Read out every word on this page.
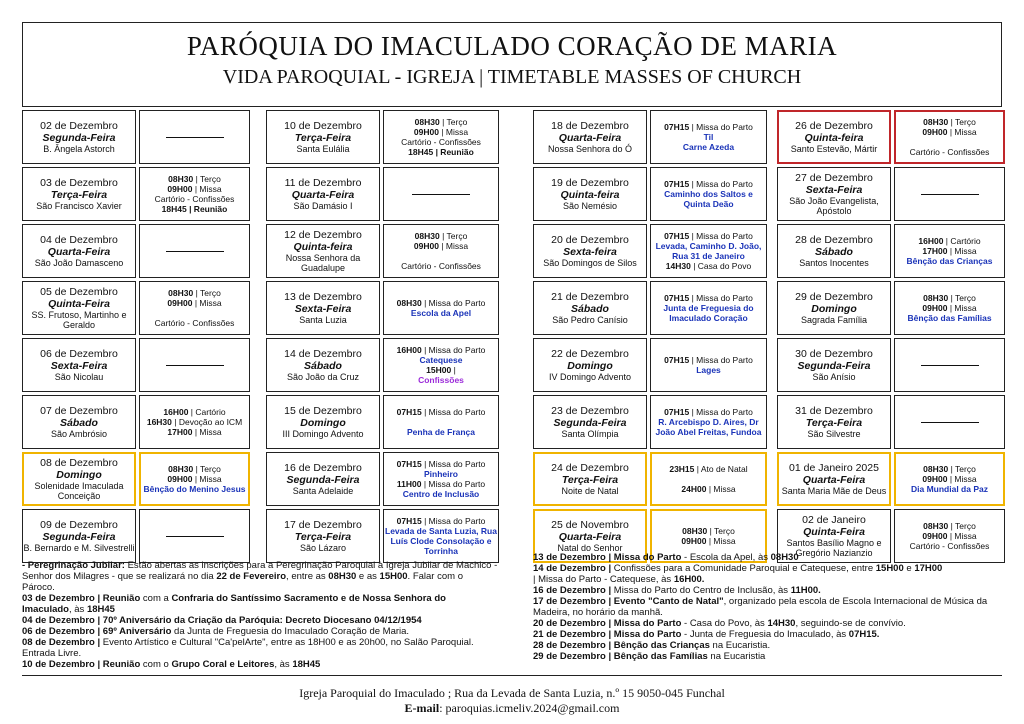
PARÓQUIA DO IMACULADO CORAÇÃO DE MARIA
VIDA PAROQUIAL - IGREJA | TIMETABLE MASSES OF CHURCH
02 de Dezembro
Segunda-Feira
B. Ângela Astorch
03 de Dezembro
Terça-Feira
São Francisco Xavier
08H30 | Terço
09H00 | Missa
Cartório - Confissões
18H45 | Reunião
04 de Dezembro
Quarta-Feira
São João Damasceno
05 de Dezembro
Quinta-Feira
SS. Frutoso, Martinho e Geraldo
08H30 | Terço
09H00 | Missa

Cartório - Confissões
06 de Dezembro
Sexta-Feira
São Nicolau
07 de Dezembro
Sábado
São Ambrósio
16H00 | Cartório
16H30 | Devoção ao ICM
17H00 | Missa
08 de Dezembro
Domingo
Solenidade Imaculada Conceição
08H30 | Terço
09H00 | Missa
Bênção do Menino Jesus
09 de Dezembro
Segunda-Feira
B. Bernardo e M. Silvestrelli
10 de Dezembro
Terça-Feira
Santa Eulália
08H30 | Terço
09H00 | Missa
Cartório - Confissões
18H45 | Reunião
11 de Dezembro
Quarta-Feira
São Damásio I
12 de Dezembro
Quinta-feira
Nossa Senhora da Guadalupe
08H30 | Terço
09H00 | Missa

Cartório - Confissões
13 de Dezembro
Sexta-Feira
Santa Luzia
08H30 | Missa do Parto
Escola da Apel
14 de Dezembro
Sábado
São João da Cruz
16H00 | Missa do Parto
Catequese
15H00 |
Confissões
15 de Dezembro
Domingo
III Domingo Advento
07H15 | Missa do Parto

Penha de França
16 de Dezembro
Segunda-Feira
Santa Adelaide
07H15 | Missa do Parto
Pinheiro
11H00 | Missa do Parto
Centro de Inclusão
17 de Dezembro
Terça-Feira
São Lázaro
07H15 | Missa do Parto
Levada de Santa Luzia, Rua Luís Clode Consolação e Torrinha
18 de Dezembro
Quarta-Feira
Nossa Senhora do Ó
07H15 | Missa do Parto
Til
Carne Azeda
19 de Dezembro
Quinta-feira
São Nemésio
07H15 | Missa do Parto
Caminho dos Saltos e Quinta Deão
20 de Dezembro
Sexta-feira
São Domingos de Silos
07H15 | Missa do Parto
Levada, Caminho D. João, Rua 31 de Janeiro
14H30 | Casa do Povo
21 de Dezembro
Sábado
São Pedro Canísio
07H15 | Missa do Parto
Junta de Freguesia do Imaculado Coração
22 de Dezembro
Domingo
IV Domingo Advento
07H15 | Missa do Parto
Lages
23 de Dezembro
Segunda-Feira
Santa Olímpia
07H15 | Missa do Parto
R. Arcebispo D. Aires, Dr João Abel Freitas, Fundoa
24 de Dezembro
Terça-Feira
Noite de Natal
23H15 | Ato de Natal

24H00 | Missa
25 de Novembro
Quarta-Feira
Natal do Senhor
08H30 | Terço
09H00 | Missa
26 de Dezembro
Quinta-feira
Santo Estevão, Mártir
08H30 | Terço
09H00 | Missa

Cartório - Confissões
27 de Dezembro
Sexta-Feira
São João Evangelista, Apóstolo
28 de Dezembro
Sábado
Santos Inocentes
16H00 | Cartório
17H00 | Missa
Bênção das Crianças
29 de Dezembro
Domingo
Sagrada Família
08H30 | Terço
09H00 | Missa
Bênção das Famílias
30 de Dezembro
Segunda-Feira
São Anísio
31 de Dezembro
Terça-Feira
São Silvestre
01 de Janeiro 2025
Quarta-Feira
Santa Maria Mãe de Deus
08H30 | Terço
09H00 | Missa
Dia Mundial da Paz
02 de Janeiro
Quinta-Feira
Santos Basílio Magno e Gregório Nazianzio
08H30 | Terço
09H00 | Missa
Cartório - Confissões

- Peregrinação Jubilar: Estão abertas as inscrições para a Peregrinação Paroquial à Igreja Jubilar de Machico - Senhor dos Milagres - que se realizará no dia 22 de Fevereiro, entre as 08H30 e as 15H00. Falar com o Pároco.

03 de Dezembro | Reunião com a Confraria do Santíssimo Sacramento e de Nossa Senhora do Imaculado, às 18H45

04 de Dezembro | 70º Aniversário da Criação da Paróquia: Decreto Diocesano 04/12/1954

06 de Dezembro | 69º Aniversário da Junta de Freguesia do Imaculado Coração de Maria.

08 de Dezembro | Evento Artístico e Cultural "Ca'pelArte", entre as 18H00 e as 20h00, no Salão Paroquial. Entrada Livre.

10 de Dezembro | Reunião com o Grupo Coral e Leitores, às 18H45

13 de Dezembro | Missa do Parto - Escola da Apel, às 08H30

14 de Dezembro | Confissões para a Comunidade Paroquial e Catequese, entre 15H00 e 17H00

| Missa do Parto - Catequese, às 16H00.

16 de Dezembro | Missa do Parto do Centro de Inclusão, às 11H00.

17 de Dezembro | Evento "Canto de Natal", organizado pela escola de Escola Internacional de Música da Madeira, no horário da manhã.

20 de Dezembro | Missa do Parto - Casa do Povo, às 14H30, seguindo-se de convívio.

21 de Dezembro | Missa do Parto - Junta de Freguesia do Imaculado, às 07H15.

28 de Dezembro | Bênção das Crianças na Eucaristia.

29 de Dezembro | Bênção das Famílias na Eucaristia

Igreja Paroquial do Imaculado ; Rua da Levada de Santa Luzia, n.º 15 9050-045 Funchal
E-mail: paroquias.icmeliv.2024@gmail.com
